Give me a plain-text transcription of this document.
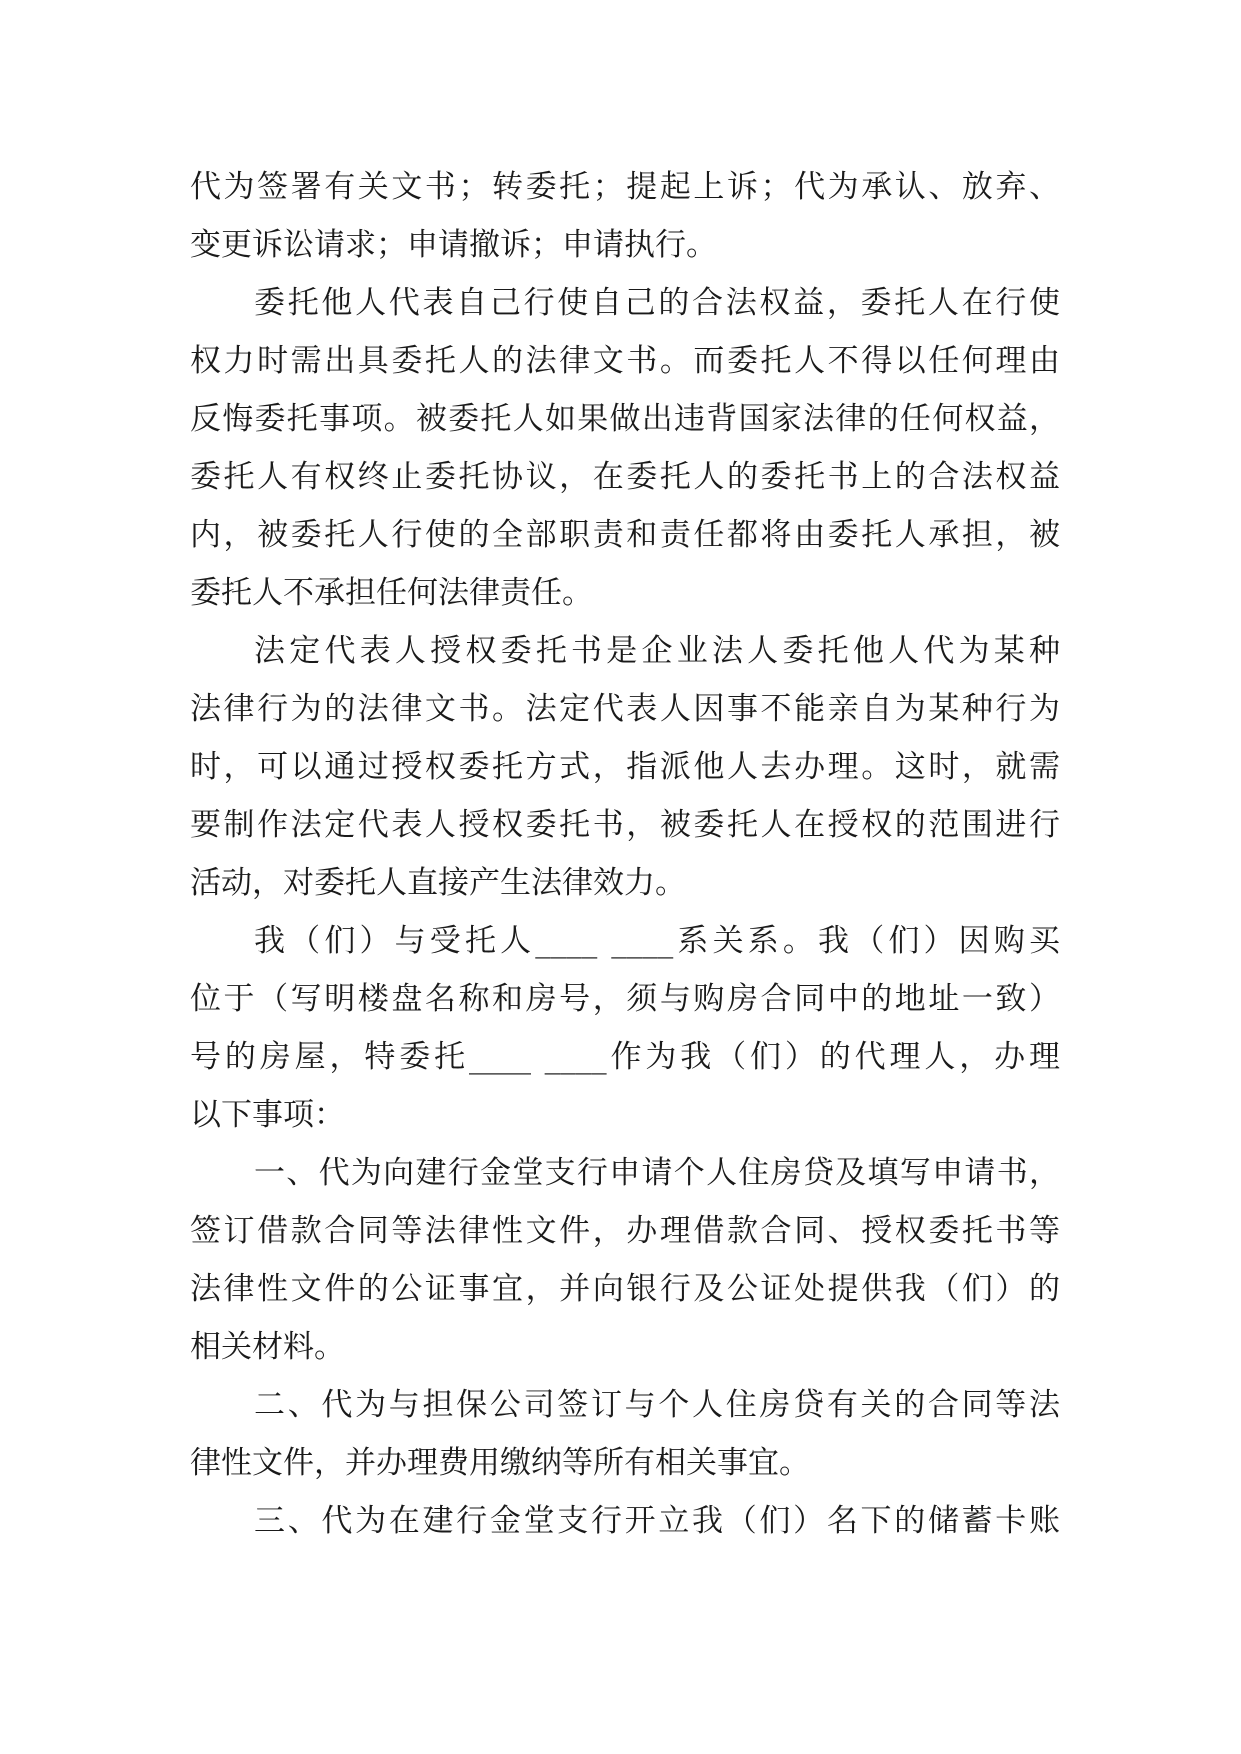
代为签署有关文书；转委托；提起上诉；代为承认、放弃、
变更诉讼请求；申请撤诉；申请执行。
委托他人代表自己行使自己的合法权益，委托人在行使
权力时需出具委托人的法律文书。而委托人不得以任何理由
反悔委托事项。被委托人如果做出违背国家法律的任何权益，
委托人有权终止委托协议，在委托人的委托书上的合法权益
内，被委托人行使的全部职责和责任都将由委托人承担，被
委托人不承担任何法律责任。
法定代表人授权委托书是企业法人委托他人代为某种
法律行为的法律文书。法定代表人因事不能亲自为某种行为
时，可以通过授权委托方式，指派他人去办理。这时，就需
要制作法定代表人授权委托书，被委托人在授权的范围进行
活动，对委托人直接产生法律效力。
我（们）与受托人____ ____系关系。我（们）因购买
位于（写明楼盘名称和房号，须与购房合同中的地址一致）
号的房屋，特委托____ ____作为我（们）的代理人，办理
以下事项：
一、代为向建行金堂支行申请个人住房贷及填写申请书，
签订借款合同等法律性文件，办理借款合同、授权委托书等
法律性文件的公证事宜，并向银行及公证处提供我（们）的
相关材料。
二、代为与担保公司签订与个人住房贷有关的合同等法
律性文件，并办理费用缴纳等所有相关事宜。
三、代为在建行金堂支行开立我（们）名下的储蓄卡账
